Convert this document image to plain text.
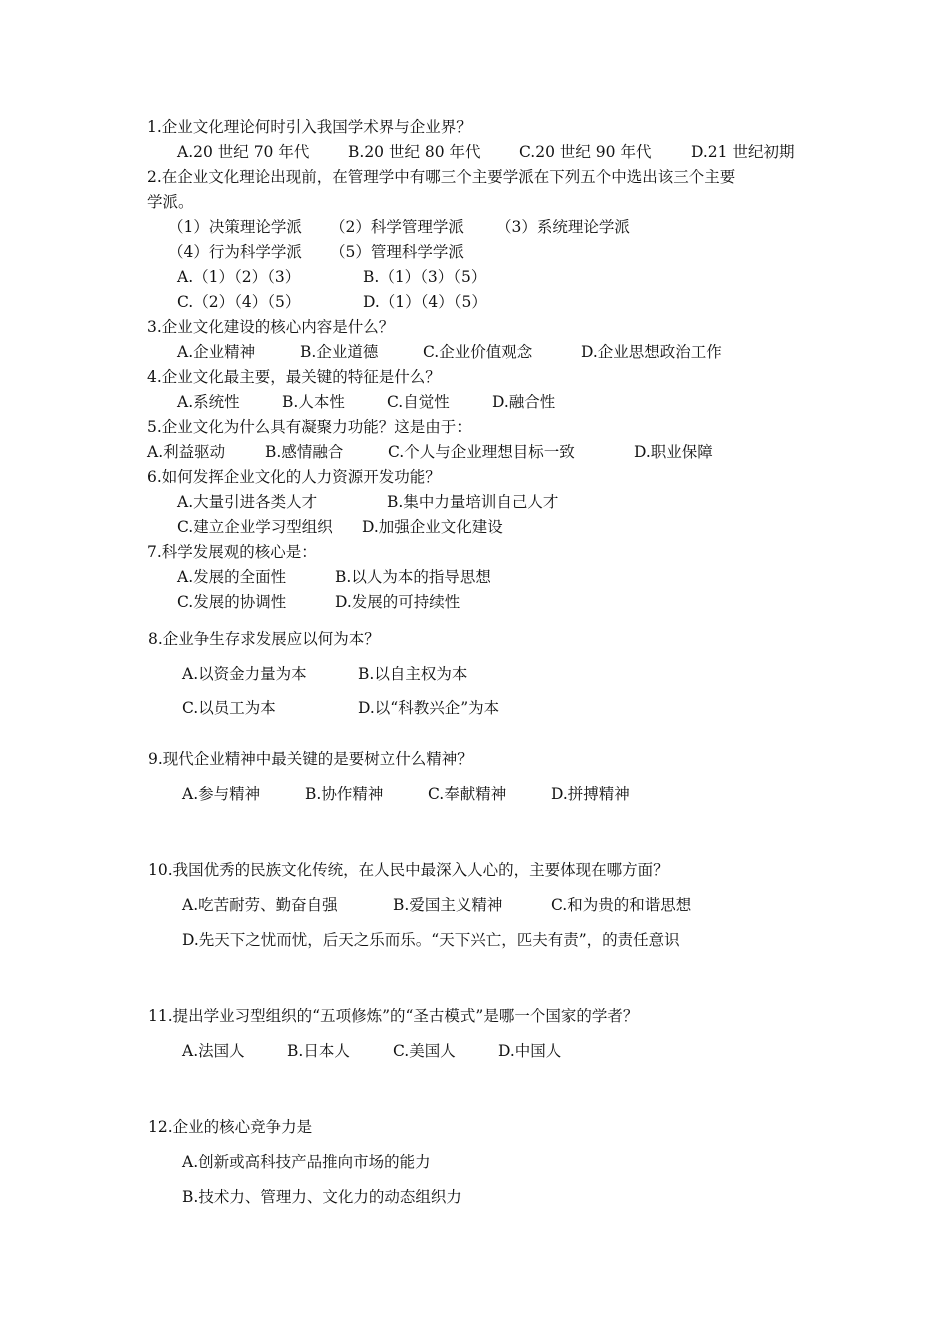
1.企业文化理论何时引入我国学术界与企业界？
A.20 世纪 70 年代 B.20 世纪 80 年代 C.20 世纪 90 年代	D.21 世纪初期
2.在企业文化理论出现前，在管理学中有哪三个主要学派在下列五个中选出该三个主要
学派。
（1）决策理论学派 （2）科学管理学派 （3）系统理论学派
（4）行为科学学派 （5）管理科学学派
A.（1）（2）（3）	B.（1）（3）（5）
C.（2）（4）（5）	D.（1）（4）（5）
3.企业文化建设的核心内容是什么？
A.企业精神	B.企业道德	C.企业价值观念	D.企业思想政治工作
4.企业文化最主要，最关键的特征是什么？
A.系统性	B.人本性	C.自觉性	D.融合性
5.企业文化为什么具有凝聚力功能？这是由于：
A.利益驱动	B.感情融合	C.个人与企业理想目标一致	D.职业保障
6.如何发挥企业文化的人力资源开发功能？
A.大量引进各类人才	B.集中力量培训自己人才
C.建立企业学习型组织 D.加强企业文化建设
7.科学发展观的核心是：
A.发展的全面性	B.以人为本的指导思想
C.发展的协调性	D.发展的可持续性
8.企业争生存求发展应以何为本？
A.以资金力量为本	B.以自主权为本
C.以员工为本	D.以“科教兴企”为本
9.现代企业精神中最关键的是要树立什么精神？
A.参与精神	B.协作精神	C.奉献精神	D.拼搏精神
10.我国优秀的民族文化传统，在人民中最深入人心的，主要体现在哪方面？
A.吃苦耐劳、勤奋自强	B.爱国主义精神	C.和为贵的和谐思想
D.先天下之忧而忧，后天之乐而乐。“天下兴亡，匹夫有责”，的责任意识
11.提出学业习型组织的“五项修炼”的“圣古模式”是哪一个国家的学者？
A.法国人	B.日本人	C.美国人	D.中国人
12.企业的核心竞争力是
A.创新或高科技产品推向市场的能力
B.技术力、管理力、文化力的动态组织力
